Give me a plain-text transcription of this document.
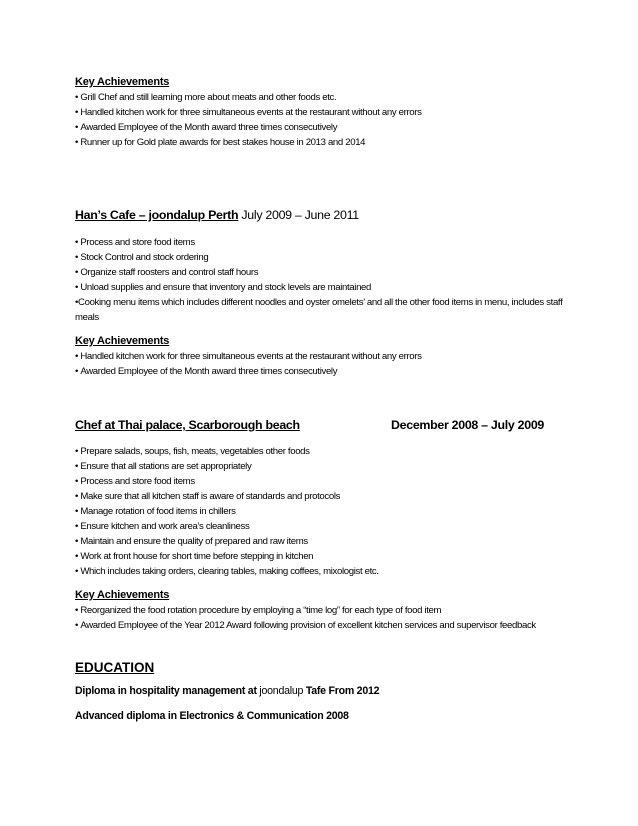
Key Achievements
• Grill Chef and still learning more about meats and other foods etc.
• Handled kitchen work for three simultaneous events at the restaurant without any errors
• Awarded Employee of the Month award three times consecutively
• Runner up for Gold plate awards for best stakes house in 2013 and 2014
Han’s Cafe – joondalup Perth July 2009 – June 2011
• Process and store food items
• Stock Control and stock ordering
• Organize staff roosters and control staff hours
• Unload supplies and ensure that inventory and stock levels are maintained
•Cooking menu items which includes different noodles and oyster omelets’ and all the other food items in menu, includes staff meals
Key Achievements
• Handled kitchen work for three simultaneous events at the restaurant without any errors
• Awarded Employee of the Month award three times consecutively
Chef at Thai palace, Scarborough beach	December 2008 – July 2009
• Prepare salads, soups, fish, meats, vegetables other foods
• Ensure that all stations are set appropriately
• Process and store food items
• Make sure that all kitchen staff is aware of standards and protocols
• Manage rotation of food items in chillers
• Ensure kitchen and work area’s cleanliness
• Maintain and ensure the quality of prepared and raw items
• Work at front house for short time before stepping in kitchen
• Which includes taking orders, clearing tables, making coffees, mixologist etc.
Key Achievements
• Reorganized the food rotation procedure by employing a “time log” for each type of food item
• Awarded Employee of the Year 2012 Award following provision of excellent kitchen services and supervisor feedback
EDUCATION
Diploma in hospitality management at joondalup Tafe From 2012
Advanced diploma in Electronics & Communication 2008
